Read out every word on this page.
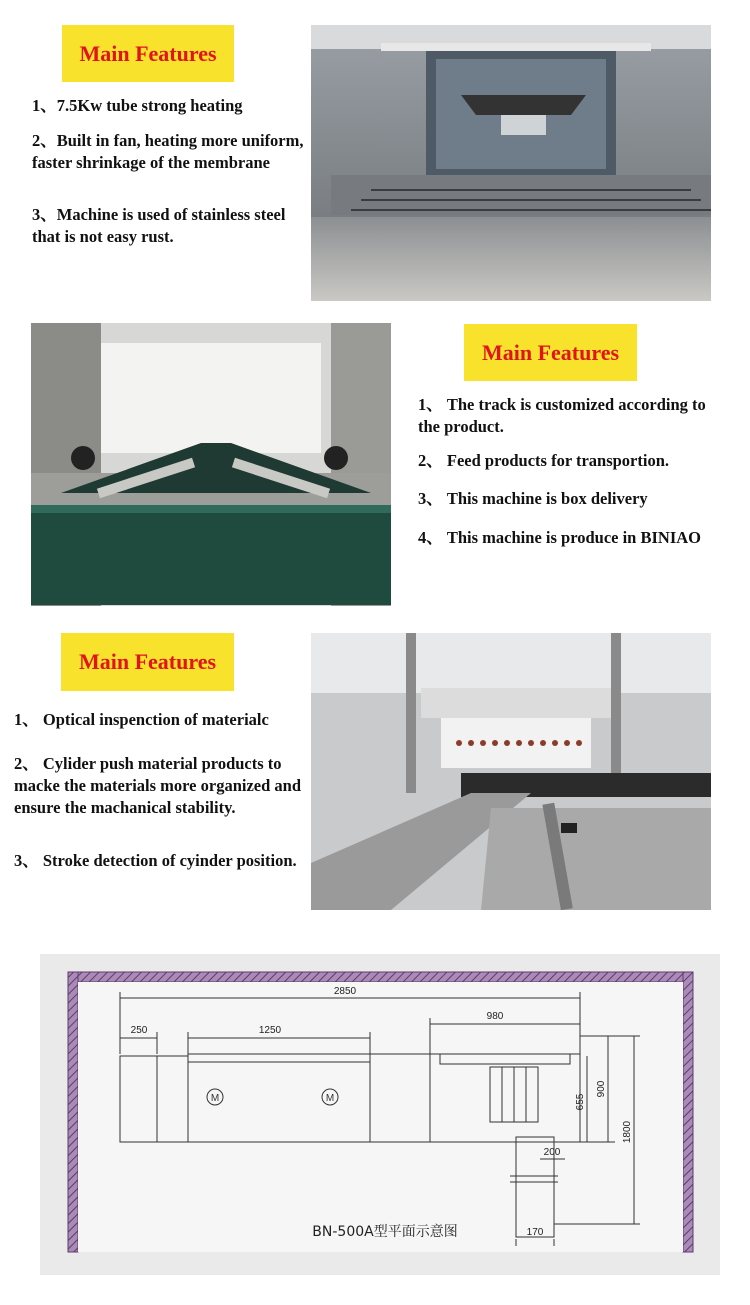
Main Features

1、7.5Kw tube strong heating

2、Built in fan, heating more uniform, faster shrinkage of the membrane

3、Machine is used of stainless steel that is not easy rust.

Main Features

1、 The track is customized according to the product.

2、 Feed products for transportion.

3、 This machine is box delivery

4、 This machine is produce in BINIAO

Main Features

1、 Optical inspenction of materialc

2、 Cylider push material products to macke the materials more organized and ensure the machanical stability.

3、 Stroke detection of cyinder position.

M	M
2850
250	1250
980
655
900
1800
200
170
BN-500A型平面示意图
